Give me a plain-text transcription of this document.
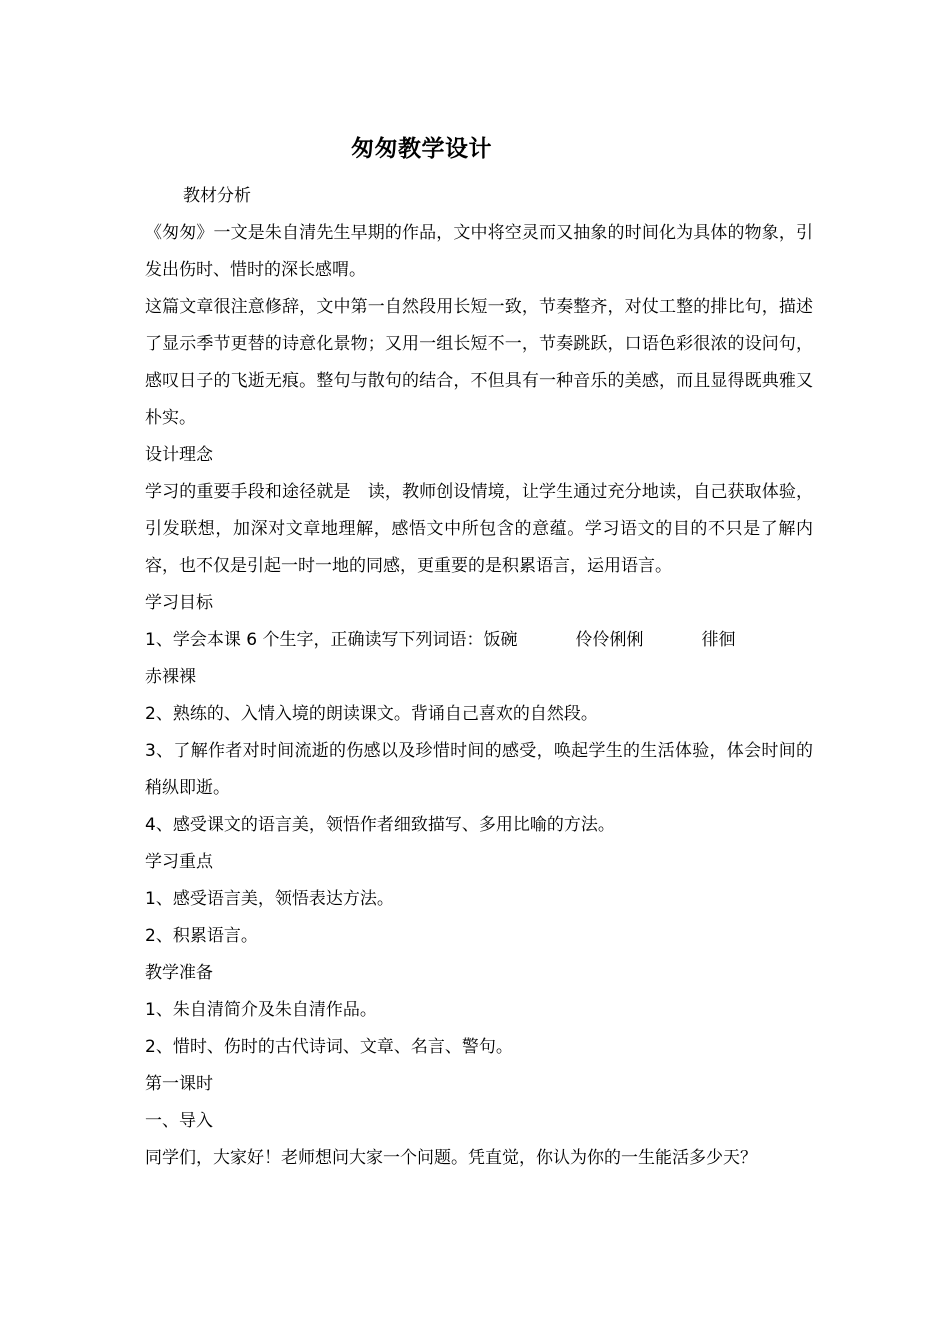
匆匆教学设计

教材分析

《匆匆》一文是朱自清先生早期的作品，文中将空灵而又抽象的时间化为具体的物象，引发出伤时、惜时的深长感喟。

这篇文章很注意修辞，文中第一自然段用长短一致，节奏整齐，对仗工整的排比句，描述了显示季节更替的诗意化景物；又用一组长短不一，节奏跳跃，口语色彩很浓的设问句，感叹日子的飞逝无痕。整句与散句的结合，不但具有一种音乐的美感，而且显得既典雅又朴实。

设计理念

学习的重要手段和途径就是　读，教师创设情境，让学生通过充分地读，自己获取体验，引发联想，加深对文章地理解，感悟文中所包含的意蕴。学习语文的目的不只是了解内容，也不仅是引起一时一地的同感，更重要的是积累语言，运用语言。

学习目标

1、学会本课 6 个生字，正确读写下列词语：饭碗	伶伶俐俐	徘徊
赤裸裸

2、熟练的、入情入境的朗读课文。背诵自己喜欢的自然段。

3、了解作者对时间流逝的伤感以及珍惜时间的感受，唤起学生的生活体验，体会时间的稍纵即逝。

4、感受课文的语言美，领悟作者细致描写、多用比喻的方法。

学习重点

1、感受语言美，领悟表达方法。

2、积累语言。

教学准备

1、朱自清简介及朱自清作品。

2、惜时、伤时的古代诗词、文章、名言、警句。

第一课时

一、导入

同学们，大家好！老师想问大家一个问题。凭直觉，你认为你的一生能活多少天？
